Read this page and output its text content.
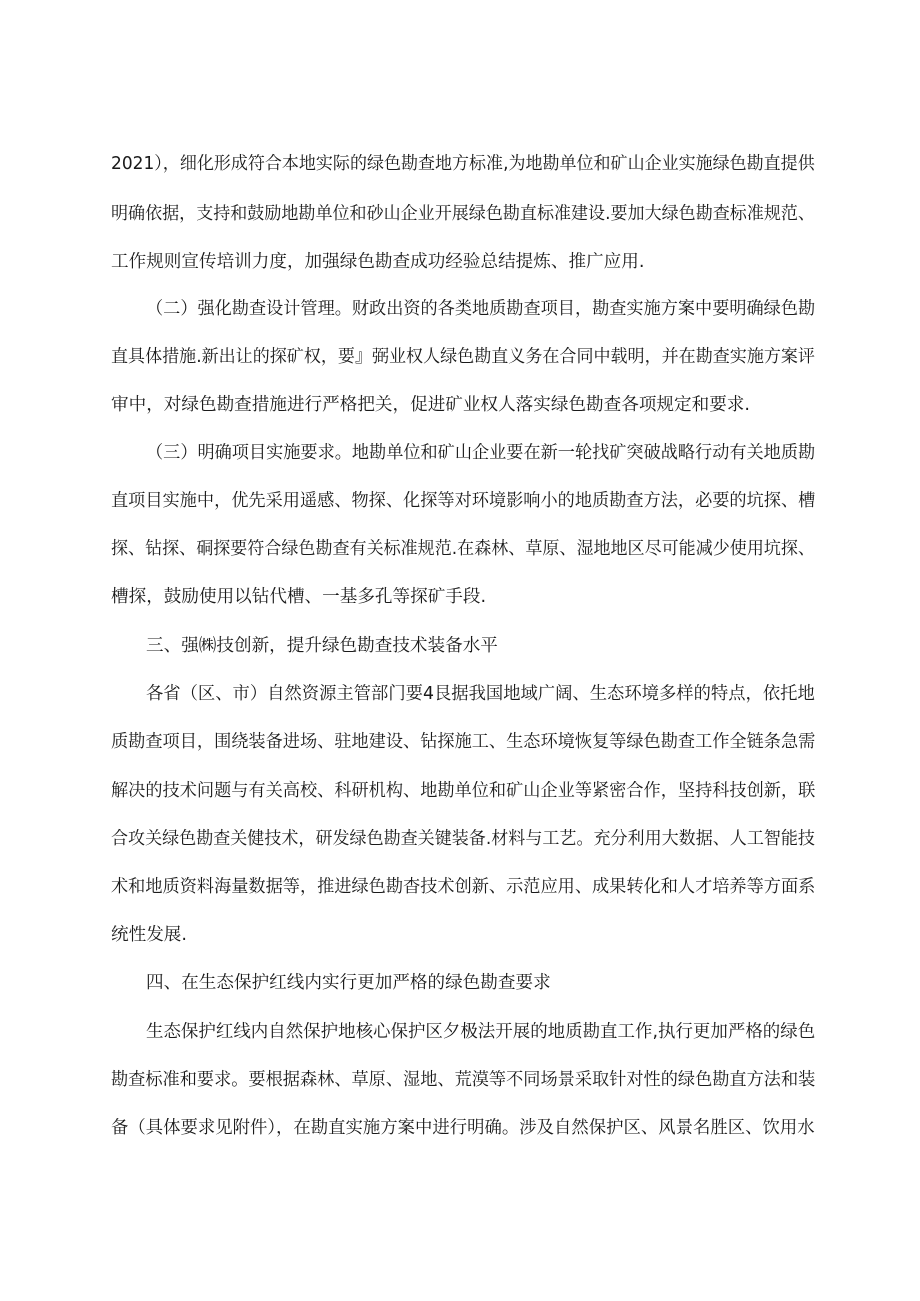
2021），细化形成符合本地实际的绿色勘查地方标准,为地勘单位和矿山企业实施绿色勘直提供
明确依据，支持和鼓励地勘单位和砂山企业开展绿色勘直标准建设.要加大绿色勘查标准规范、
工作规则宣传培训力度，加强绿色勘查成功经验总结提炼、推广应用.
（二）强化勘查设计管理。财政出资的各类地质勘查项目，勘查实施方案中要明确绿色勘
直具体措施.新出让的探矿权，要』弼业权人绿色勘直义务在合同中载明，并在勘查实施方案评
审中，对绿色勘查措施进行严格把关，促进矿业权人落实绿色勘查各项规定和要求.
（三）明确项目实施要求。地勘单位和矿山企业要在新一轮找矿突破战略行动有关地质勘
直项目实施中，优先采用遥感、物探、化探等对环境影响小的地质勘查方法，必要的坑探、槽
探、钻探、硐探要符合绿色勘查有关标准规范.在森林、草原、湿地地区尽可能减少使用坑探、
槽探，鼓励使用以钻代槽、一基多孔等探矿手段.
三、强㈱技创新，提升绿色勘查技术装备水平
各省（区、市）自然资源主管部门要4艮据我国地域广阔、生态环境多样的特点，依托地
质勘查项目，围绕装备进场、驻地建设、钻探施工、生态环境恢复等绿色勘查工作全链条急需
解决的技术问题与有关高校、科研机构、地勘单位和矿山企业等紧密合作，坚持科技创新，联
合攻关绿色勘查关健技术，研发绿色勘查关键装备.材料与工艺。充分利用大数据、人工智能技
术和地质资料海量数据等，推进绿色勘杳技术创新、示范应用、成果转化和人才培养等方面系
统性发展.
四、在生态保护红线内实行更加严格的绿色勘查要求
生态保护红线内自然保护地核心保护区夕极法开展的地质勘直工作,执行更加严格的绿色
勘查标准和要求。要根据森林、草原、湿地、荒漠等不同场景采取针对性的绿色勘直方法和装
备（具体要求见附件），在勘直实施方案中进行明确。涉及自然保护区、风景名胜区、饮用水
